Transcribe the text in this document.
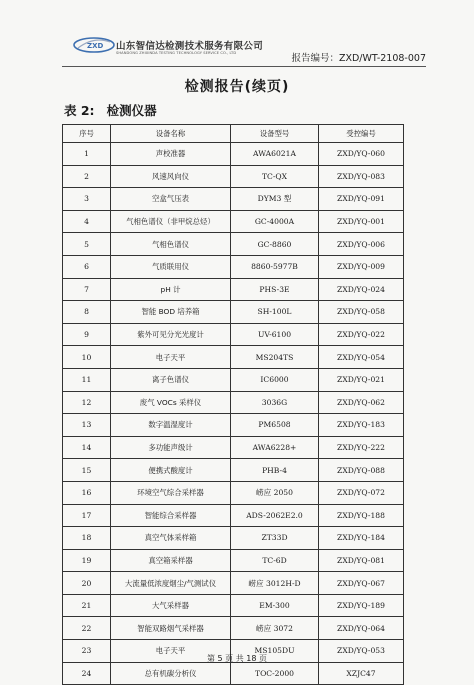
ZXD 山东智信达检测技术服务有限公司
SHANDONG ZHIXINDA TESTING TECHNOLOGY SERVICE CO., LTD	报告编号：ZXD/WT-2108-007
检测报告(续页)
表 2: 检测仪器
序号	设备名称	设备型号	受控编号
1	声校准器	AWA6021A	ZXD/YQ-060
2	风速风向仪	TC-QX	ZXD/YQ-083
3	空盒气压表	DYM3 型	ZXD/YQ-091
4	气相色谱仪（非甲烷总烃）	GC-4000A	ZXD/YQ-001
5	气相色谱仪	GC-8860	ZXD/YQ-006
6	气质联用仪	8860-5977B	ZXD/YQ-009
7	pH 计	PHS-3E	ZXD/YQ-024
8	智能 BOD 培养箱	SH-100L	ZXD/YQ-058
9	紫外可见分光光度计	UV-6100	ZXD/YQ-022
10	电子天平	MS204TS	ZXD/YQ-054
11	离子色谱仪	IC6000	ZXD/YQ-021
12	废气 VOCs 采样仪	3036G	ZXD/YQ-062
13	数字温湿度计	PM6508	ZXD/YQ-183
14	多功能声级计	AWA6228+	ZXD/YQ-222
15	便携式酸度计	PHB-4	ZXD/YQ-088
16	环境空气综合采样器	崂应 2050	ZXD/YQ-072
17	智能综合采样器	ADS-2062E2.0	ZXD/YQ-188
18	真空气体采样箱	ZT33D	ZXD/YQ-184
19	真空箱采样器	TC-6D	ZXD/YQ-081
20	大流量低浓度烟尘/气测试仪	崂应 3012H-D	ZXD/YQ-067
21	大气采样器	EM-300	ZXD/YQ-189
22	智能双路烟气采样器	崂应 3072	ZXD/YQ-064
23	电子天平	MS105DU	ZXD/YQ-053
24	总有机碳分析仪	TOC-2000	XZJC47
第 5 页 共 18 页
